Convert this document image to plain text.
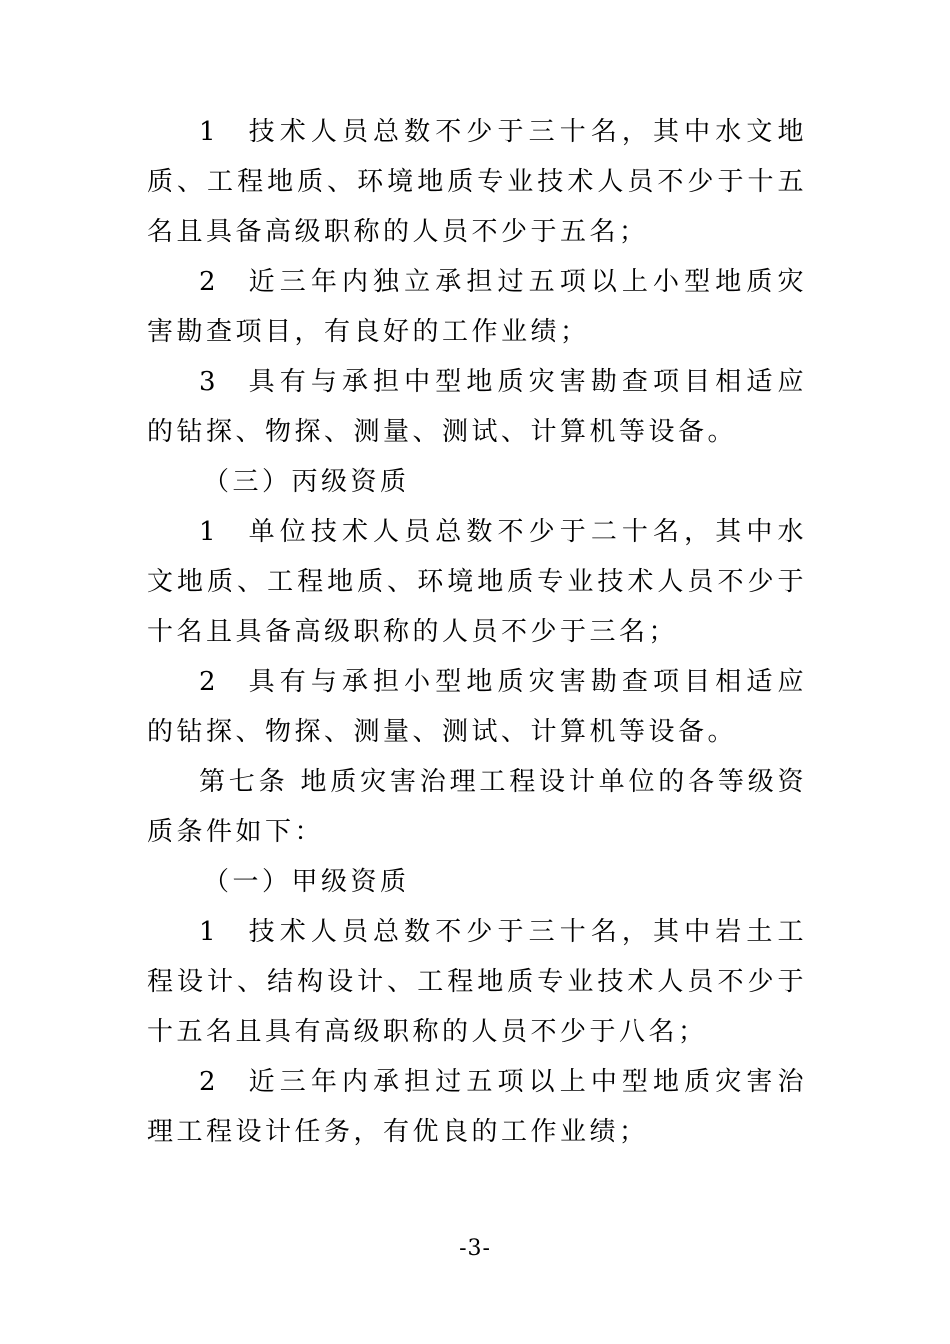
1 技术人员总数不少于三十名，其中水文地质、工程地质、环境地质专业技术人员不少于十五名且具备高级职称的人员不少于五名；

2 近三年内独立承担过五项以上小型地质灾害勘查项目，有良好的工作业绩；

3 具有与承担中型地质灾害勘查项目相适应的钻探、物探、测量、测试、计算机等设备。

（三）丙级资质

1 单位技术人员总数不少于二十名，其中水文地质、工程地质、环境地质专业技术人员不少于十名且具备高级职称的人员不少于三名；

2 具有与承担小型地质灾害勘查项目相适应的钻探、物探、测量、测试、计算机等设备。

第七条 地质灾害治理工程设计单位的各等级资质条件如下：

（一）甲级资质

1 技术人员总数不少于三十名，其中岩土工程设计、结构设计、工程地质专业技术人员不少于十五名且具有高级职称的人员不少于八名；

2 近三年内承担过五项以上中型地质灾害治理工程设计任务，有优良的工作业绩；

-3-
